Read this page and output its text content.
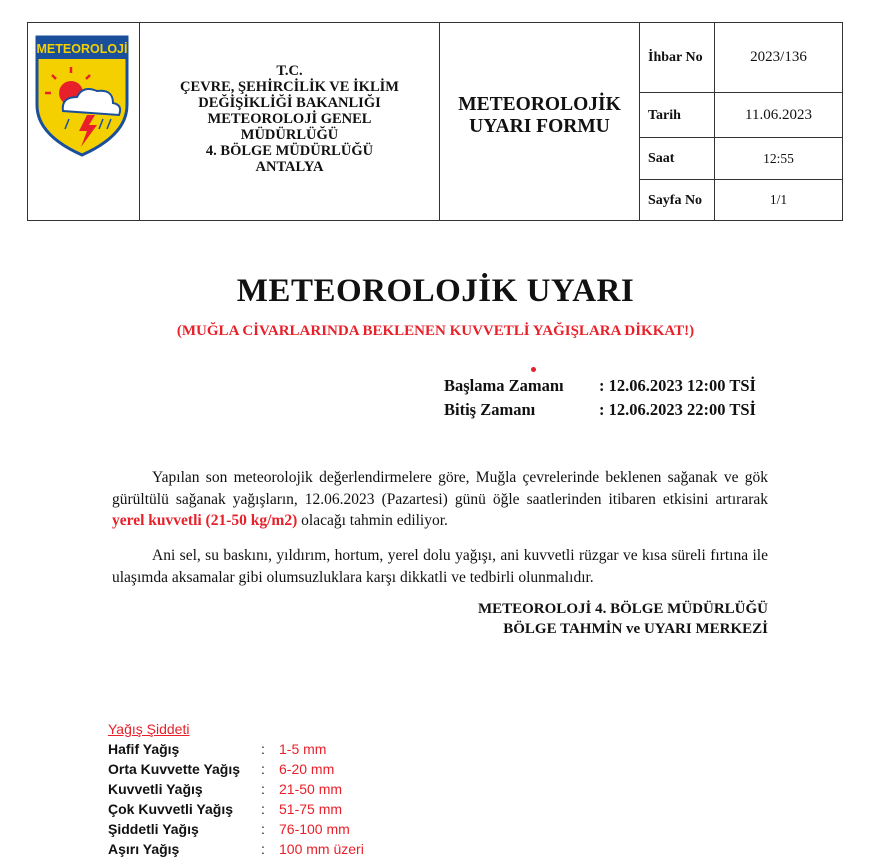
METEOROLOJİ
T.C.
ÇEVRE, ŞEHİRCİLİK VE İKLİM
DEĞİŞİKLİĞİ BAKANLIĞI
METEOROLOJİ GENEL
MÜDÜRLÜĞÜ
4. BÖLGE MÜDÜRLÜĞÜ
ANTALYA
METEOROLOJİK
UYARI FORMU
İhbar No	2023/136
Tarih	11.06.2023
Saat	12:55
Sayfa No	1/1
METEOROLOJİK UYARI
(MUĞLA CİVARLARINDA BEKLENEN KUVVETLİ YAĞIŞLARA DİKKAT!)
Başlama Zamanı : 12.06.2023 12:00 TSİ
Bitiş Zamanı	: 12.06.2023 22:00 TSİ

Yapılan son meteorolojik değerlendirmelere göre, Muğla çevrelerinde beklenen sağanak ve gök gürültülü sağanak yağışların, 12.06.2023 (Pazartesi) günü öğle saatlerinden itibaren etkisini artırarak yerel kuvvetli (21-50 kg/m2) olacağı tahmin ediliyor.

Ani sel, su baskını, yıldırım, hortum, yerel dolu yağışı, ani kuvvetli rüzgar ve kısa süreli fırtına ile ulaşımda aksamalar gibi olumsuzluklara karşı dikkatli ve tedbirli olunmalıdır.

METEOROLOJİ 4. BÖLGE MÜDÜRLÜĞÜ
BÖLGE TAHMİN ve UYARI MERKEZİ
Yağış Şiddeti
Hafif Yağış	: 1-5 mm
Orta Kuvvette Yağış : 6-20 mm
Kuvvetli Yağış	: 21-50 mm
Çok Kuvvetli Yağış : 51-75 mm
Şiddetli Yağış	: 76-100 mm
Aşırı Yağış	: 100 mm üzeri
